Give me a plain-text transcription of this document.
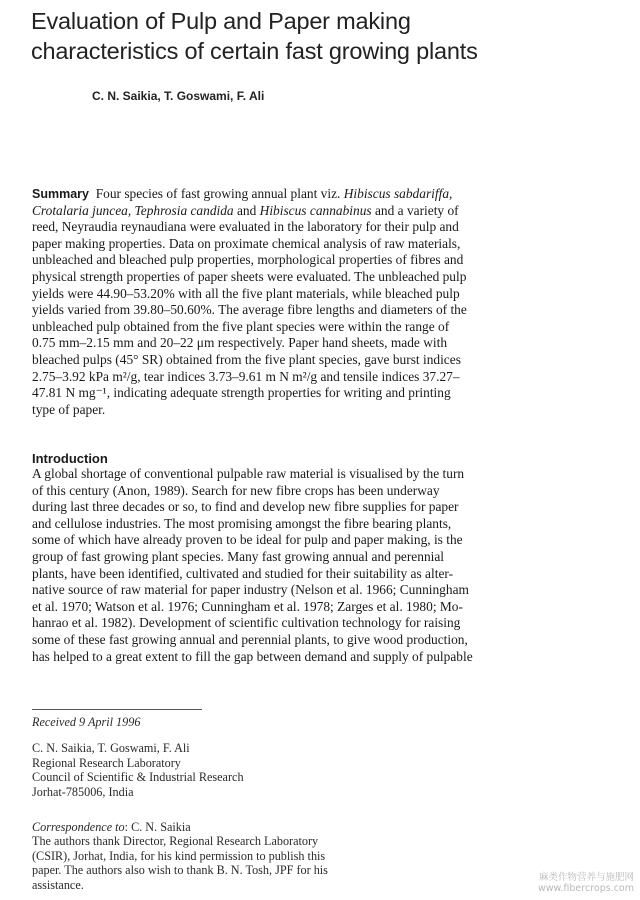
Evaluation of Pulp and Paper making
characteristics of certain fast growing plants
C. N. Saikia, T. Goswami, F. Ali
Summary Four species of fast growing annual plant viz. Hibiscus sabdariffa,
Crotalaria juncea, Tephrosia candida and Hibiscus cannabinus and a variety of
reed, Neyraudia reynaudiana were evaluated in the laboratory for their pulp and
paper making properties. Data on proximate chemical analysis of raw materials,
unbleached and bleached pulp properties, morphological properties of fibres and
physical strength properties of paper sheets were evaluated. The unbleached pulp
yields were 44.90–53.20% with all the five plant materials, while bleached pulp
yields varied from 39.80–50.60%. The average fibre lengths and diameters of the
unbleached pulp obtained from the five plant species were within the range of
0.75 mm–2.15 mm and 20–22 μm respectively. Paper hand sheets, made with
bleached pulps (45° SR) obtained from the five plant species, gave burst indices
2.75–3.92 kPa m²/g, tear indices 3.73–9.61 m N m²/g and tensile indices 37.27–
47.81 N mg⁻¹, indicating adequate strength properties for writing and printing
type of paper.
Introduction
A global shortage of conventional pulpable raw material is visualised by the turn
of this century (Anon, 1989). Search for new fibre crops has been underway
during last three decades or so, to find and develop new fibre supplies for paper
and cellulose industries. The most promising amongst the fibre bearing plants,
some of which have already proven to be ideal for pulp and paper making, is the
group of fast growing plant species. Many fast growing annual and perennial
plants, have been identified, cultivated and studied for their suitability as alter-
native source of raw material for paper industry (Nelson et al. 1966; Cunningham
et al. 1970; Watson et al. 1976; Cunningham et al. 1978; Zarges et al. 1980; Mo-
hanrao et al. 1982). Development of scientific cultivation technology for raising
some of these fast growing annual and perennial plants, to give wood production,
has helped to a great extent to fill the gap between demand and supply of pulpable
Received 9 April 1996
C. N. Saikia, T. Goswami, F. Ali
Regional Research Laboratory
Council of Scientific & Industrial Research
Jorhat-785006, India
Correspondence to: C. N. Saikia
The authors thank Director, Regional Research Laboratory
(CSIR), Jorhat, India, for his kind permission to publish this
paper. The authors also wish to thank B. N. Tosh, JPF for his
assistance.
麻类作物营养与施肥网
www.fibercrops.com
